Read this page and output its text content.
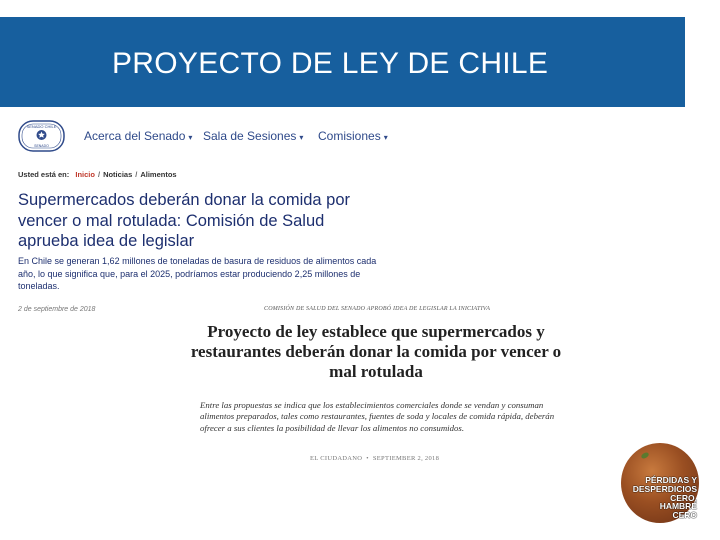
PROYECTO DE LEY DE CHILE
SENADO CHILE
SENADO
Acerca del Senado ▾ Sala de Sesiones ▾ Comisiones ▾
Usted está en: Inicio / Noticias / Alimentos
Supermercados deberán donar la comida por vencer o mal rotulada: Comisión de Salud aprueba idea de legislar
En Chile se generan 1,62 millones de toneladas de basura de residuos de alimentos cada año, lo que significa que, para el 2025, podríamos estar produciendo 2,25 millones de toneladas.
2 de septiembre de 2018	COMISIÓN DE SALUD DEL SENADO APROBÓ IDEA DE LEGISLAR LA INICIATIVA
Proyecto de ley establece que supermercados y restaurantes deberán donar la comida por vencer o mal rotulada
Entre las propuestas se indica que los establecimientos comerciales donde se vendan y consuman alimentos preparados, tales como restaurantes, fuentes de soda y locales de comida rápida, deberán ofrecer a sus clientes la posibilidad de llevar los alimentos no consumidos.
EL CIUDADANO • SEPTIEMBER 2, 2018
PÉRDIDAS Y
DESPERDICIOS
CERO,
HAMBRE
CERO
